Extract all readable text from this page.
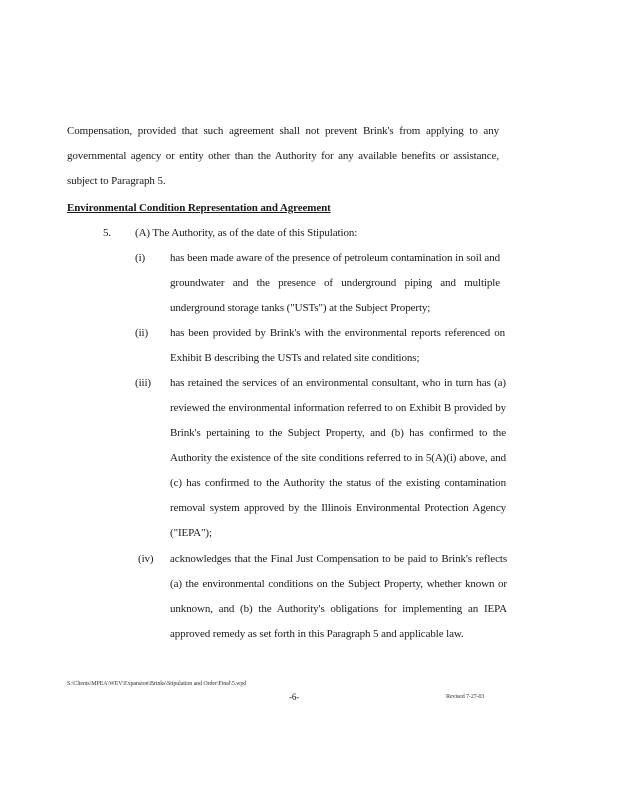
Compensation, provided that such agreement shall not prevent Brink's from applying to any
governmental agency or entity other than the Authority for any available benefits or assistance,
subject to Paragraph 5.
Environmental Condition Representation and Agreement
5. (A) The Authority, as of the date of this Stipulation:
(i) has been made aware of the presence of petroleum contamination in soil and
groundwater and the presence of underground piping and multiple
underground storage tanks ("USTs") at the Subject Property;
(ii) has been provided by Brink's with the environmental reports referenced on
Exhibit B describing the USTs and related site conditions;
(iii) has retained the services of an environmental consultant, who in turn has (a)
reviewed the environmental information referred to on Exhibit B provided by
Brink's pertaining to the Subject Property, and (b) has confirmed to the
Authority the existence of the site conditions referred to in 5(A)(i) above, and
(c) has confirmed to the Authority the status of the existing contamination
removal system approved by the Illinois Environmental Protection Agency
("IEPA");
(iv) acknowledges that the Final Just Compensation to be paid to Brink's reflects
(a) the environmental conditions on the Subject Property, whether known or
unknown, and (b) the Authority's obligations for implementing an IEPA
approved remedy as set forth in this Paragraph 5 and applicable law.
S:\Clients\MPEA\WEV\Expansion\Brinks\Stipulation and Order\Final\5.wpd
-6-	Revised 7-27-03
